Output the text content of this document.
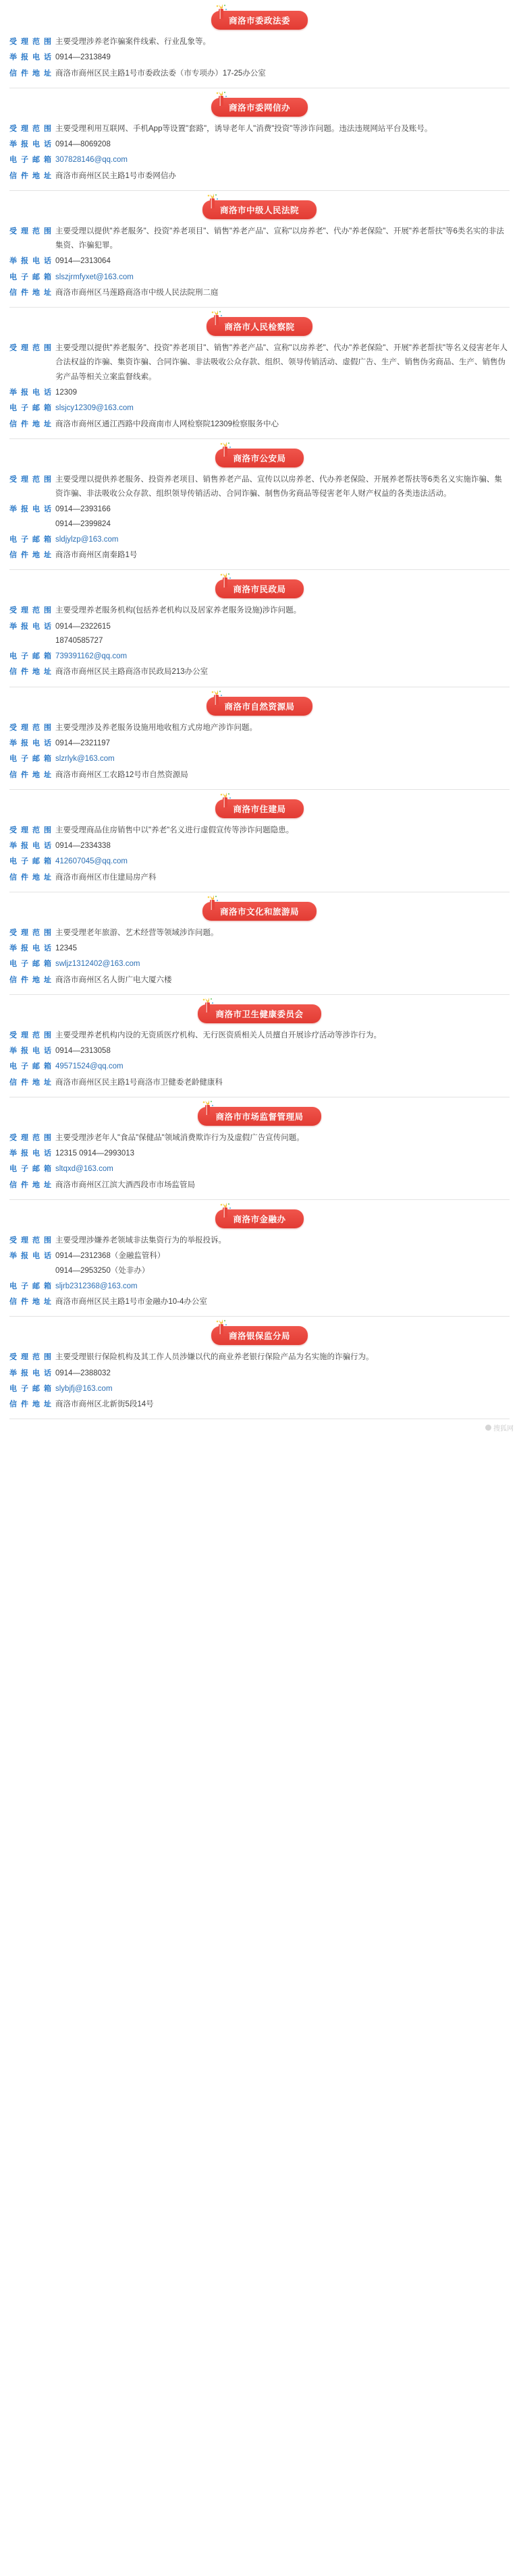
商洛市委政法委
受理范围 主要受理涉养老诈骗案件线索、行业乱象等。
举报电话 0914—2313849
信件地址 商洛市商州区民主路1号市委政法委（市专项办）17-25办公室
商洛市委网信办
受理范围 主要受理利用互联网、手机App等设置"套路"，诱导老年人"消费"投资"等涉诈问题。违法违规网站平台及账号。
举报电话 0914—8069208
电子邮箱 307828146@qq.com
信件地址 商洛市商州区民主路1号市委网信办
商洛市中级人民法院
受理范围 主要受理以提供"养老服务"、投资"养老项目"、销售"养老产品"、宣称"以房养老"、代办"养老保险"、开展"养老帮扶"等6类名实的非法集资、诈骗犯罪。
举报电话 0914—2313064
电子邮箱 slszjrmfyxet@163.com
信件地址 商洛市商州区马莲路商洛市中级人民法院刑二庭
商洛市人民检察院
受理范围 主要受理以提供"养老服务"、投资"养老项目"、销售"养老产品"、宣称"以房养老"、代办"养老保险"、开展"养老帮扶"等名义侵害老年人合法权益的诈骗、集资诈骗、合同诈骗、非法吸收公众存款、组织、领导传销活动、虚假广告、生产、销售伪劣商品、生产、销售伪劣产品等相关立案监督线索。
举报电话 12309
电子邮箱 slsjcy12309@163.com
信件地址 商洛市商州区通江西路中段商南市人网检察院12309检察服务中心
商洛市公安局
受理范围 主要受理以提供养老服务、投资养老项目、销售养老产品、宣传以以房养老、代办养老保险、开展养老帮扶等6类名义实施诈骗、集资诈骗、非法吸收公众存款、组织领导传销活动、合同诈骗、制售伪劣商品等侵害老年人财产权益的各类违法活动。
举报电话 0914—2393166
0914—2399824
电子邮箱 sldjylzp@163.com
信件地址 商洛市商州区南秦路1号
商洛市民政局
受理范围 主要受理养老服务机构(包括养老机构以及居家养老服务设施)涉诈问题。
举报电话 0914—2322615
18740585727
电子邮箱 739391162@qq.com
信件地址 商洛市商州区民主路商洛市民政局213办公室
商洛市自然资源局
受理范围 主要受理涉及养老服务设施用地收租方式房地产涉诈问题。
举报电话 0914—2321197
电子邮箱 slzrlyk@163.com
信件地址 商洛市商州区工农路12号市自然资源局
商洛市住建局
受理范围 主要受理商品住房销售中以"养老"名义进行虚假宣传等涉诈问题隐患。
举报电话 0914—2334338
电子邮箱 412607045@qq.com
信件地址 商洛市商州区市住建局房产科
商洛市文化和旅游局
受理范围 主要受理老年旅游、艺术经营等领域涉诈问题。
举报电话 12345
电子邮箱 swljz1312402@163.com
信件地址 商洛市商州区名人街广电大厦六楼
商洛市卫生健康委员会
受理范围 主要受理养老机构内设的无资质医疗机构、无行医资质相关人员擅自开展诊疗活动等涉诈行为。
举报电话 0914—2313058
电子邮箱 49571524@qq.com
信件地址 商洛市商州区民主路1号商洛市卫健委老龄健康科
商洛市市场监督管理局
受理范围 主要受理涉老年人"食品"保健品"领域消费欺诈行为及虚假广告宣传问题。
举报电话 12315 0914—2993013
电子邮箱 sltqxd@163.com
信件地址 商洛市商州区江滨大酒西段市市场监管局
商洛市金融办
受理范围 主要受理涉嫌养老领域非法集资行为的举报投诉。
举报电话 0914—2312368（金融监管科）
0914—2953250（处非办）
电子邮箱 sljrb2312368@163.com
信件地址 商洛市商州区民主路1号市金融办10-4办公室
商洛银保监分局
受理范围 主要受理银行保险机构及其工作人员涉嫌以代的商业养老银行保险产品为名实施的诈骗行为。
举报电话 0914—2388032
电子邮箱 slybjfj@163.com
信件地址 商洛市商州区北新街5段14号
搜狐网
